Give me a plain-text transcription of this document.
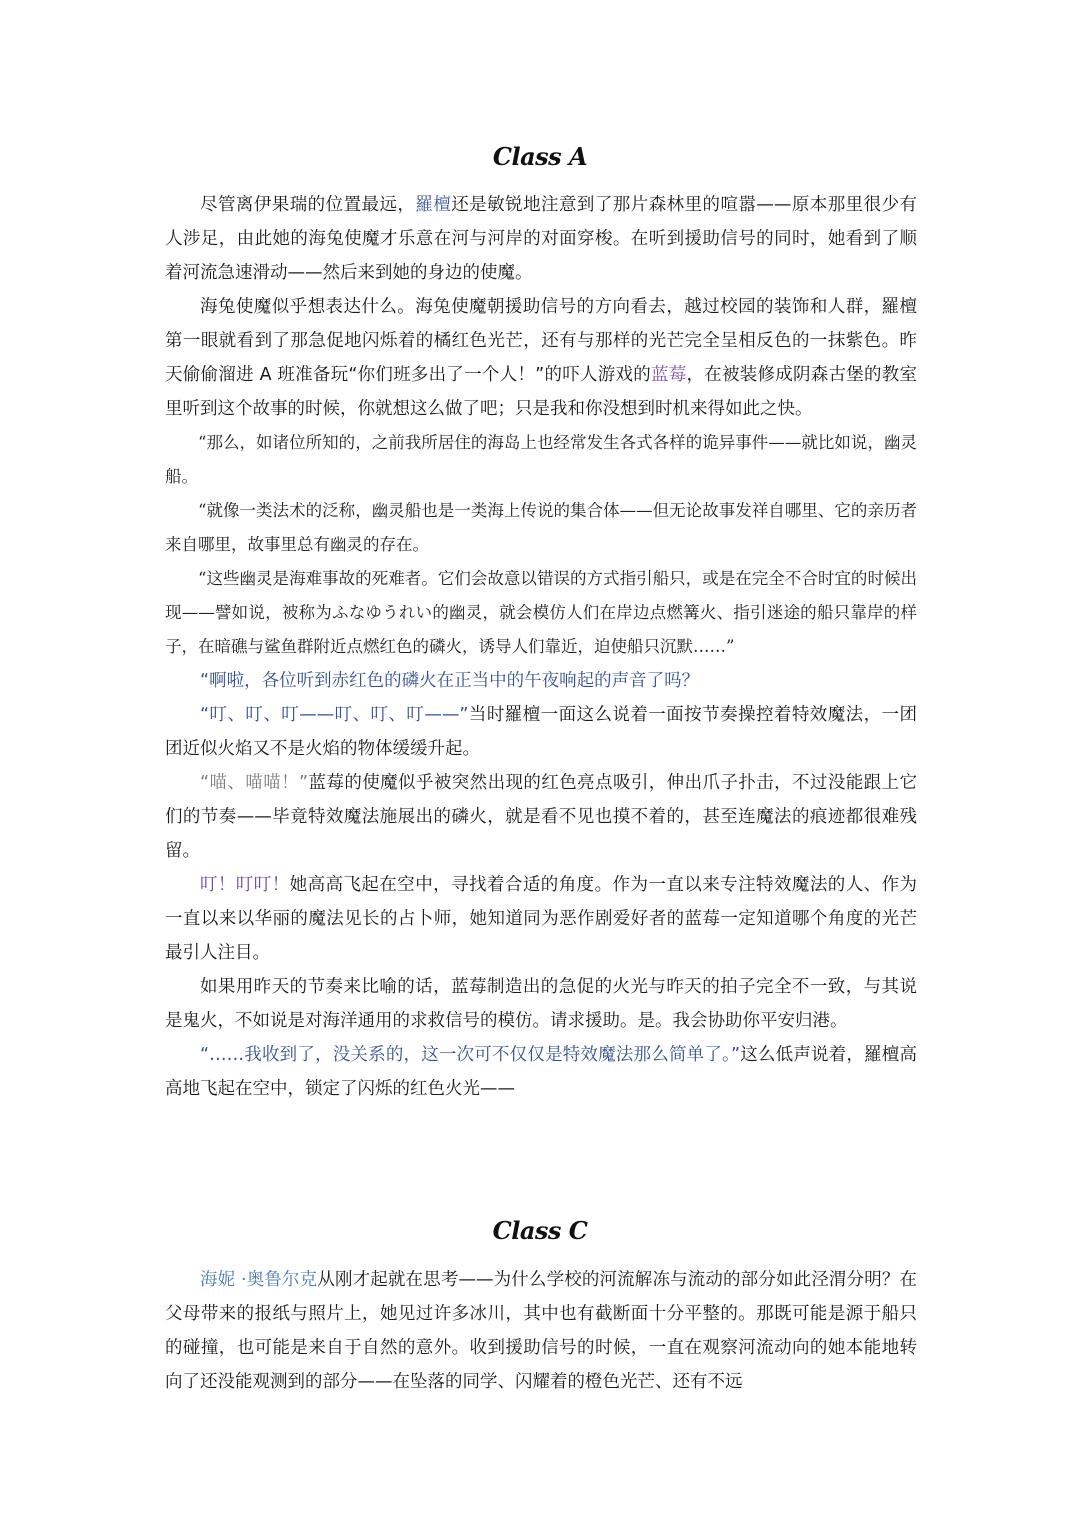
Class A

尽管离伊果瑞的位置最远，羅檀还是敏锐地注意到了那片森林里的喧嚣——原本那里很少有人涉足，由此她的海兔使魔才乐意在河与河岸的对面穿梭。在听到援助信号的同时，她看到了顺着河流急速滑动——然后来到她的身边的使魔。

海兔使魔似乎想表达什么。海兔使魔朝援助信号的方向看去，越过校园的装饰和人群，羅檀第一眼就看到了那急促地闪烁着的橘红色光芒，还有与那样的光芒完全呈相反色的一抹紫色。昨天偷偷溜进 A 班准备玩“你们班多出了一个人！”的吓人游戏的蓝莓，在被装修成阴森古堡的教室里听到这个故事的时候，你就想这么做了吧；只是我和你没想到时机来得如此之快。

“那么，如诸位所知的，之前我所居住的海岛上也经常发生各式各样的诡异事件——就比如说，幽灵船。

“就像一类法术的泛称，幽灵船也是一类海上传说的集合体——但无论故事发祥自哪里、它的亲历者来自哪里，故事里总有幽灵的存在。

“这些幽灵是海难事故的死难者。它们会故意以错误的方式指引船只，或是在完全不合时宜的时候出现——譬如说，被称为ふなゆうれい的幽灵，就会模仿人们在岸边点燃篝火、指引迷途的船只靠岸的样子，在暗礁与鲨鱼群附近点燃红色的磷火，诱导人们靠近，迫使船只沉默……”

“啊啦，各位听到赤红色的磷火在正当中的午夜响起的声音了吗？

“叮、叮、叮——叮、叮、叮——”当时羅檀一面这么说着一面按节奏操控着特效魔法，一团团近似火焰又不是火焰的物体缓缓升起。

“喵、喵喵！”蓝莓的使魔似乎被突然出现的红色亮点吸引，伸出爪子扑击，不过没能跟上它们的节奏——毕竟特效魔法施展出的磷火，就是看不见也摸不着的，甚至连魔法的痕迹都很难残留。

叮！叮叮！她高高飞起在空中，寻找着合适的角度。作为一直以来专注特效魔法的人、作为一直以来以华丽的魔法见长的占卜师，她知道同为恶作剧爱好者的蓝莓一定知道哪个角度的光芒最引人注目。

如果用昨天的节奏来比喻的话，蓝莓制造出的急促的火光与昨天的拍子完全不一致，与其说是鬼火，不如说是对海洋通用的求救信号的模仿。请求援助。是。我会协助你平安归港。

“……我收到了，没关系的，这一次可不仅仅是特效魔法那么简单了。”这么低声说着，羅檀高高地飞起在空中，锁定了闪烁的红色火光——

Class C

海妮 ·奥鲁尔克从刚才起就在思考——为什么学校的河流解冻与流动的部分如此泾渭分明？在父母带来的报纸与照片上，她见过许多冰川，其中也有截断面十分平整的。那既可能是源于船只的碰撞，也可能是来自于自然的意外。收到援助信号的时候，一直在观察河流动向的她本能地转向了还没能观测到的部分——在坠落的同学、闪耀着的橙色光芒、还有不远
